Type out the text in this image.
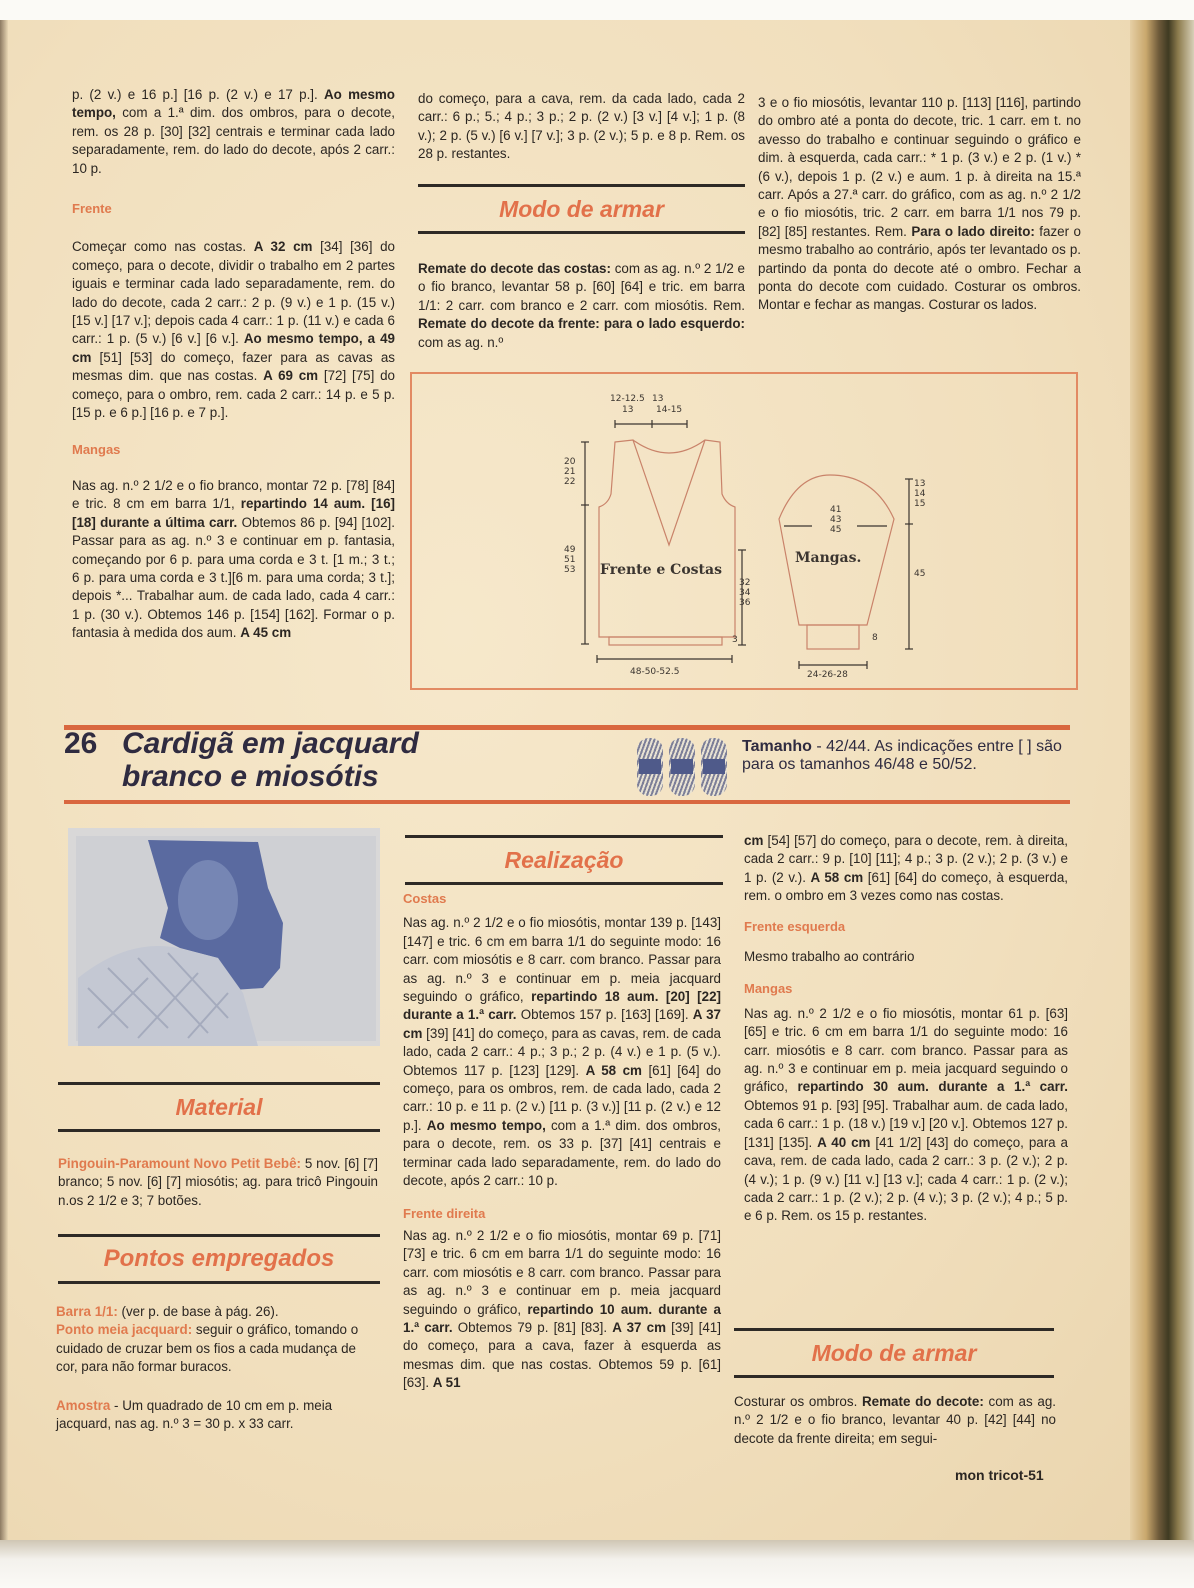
p. (2 v.) e 16 p.] [16 p. (2 v.) e 17 p.]. Ao mesmo tempo, com a 1.ª dim. dos ombros, para o decote, rem. os 28 p. [30] [32] centrais e terminar cada lado separadamente, rem. do lado do decote, após 2 carr.: 10 p.

Frente

Começar como nas costas. A 32 cm [34] [36] do começo, para o decote, dividir o trabalho em 2 partes iguais e terminar cada lado separadamente, rem. do lado do decote, cada 2 carr.: 2 p. (9 v.) e 1 p. (15 v.) [15 v.] [17 v.]; depois cada 4 carr.: 1 p. (11 v.) e cada 6 carr.: 1 p. (5 v.) [6 v.] [6 v.]. Ao mesmo tempo, a 49 cm [51] [53] do começo, fazer para as cavas as mesmas dim. que nas costas. A 69 cm [72] [75] do começo, para o ombro, rem. cada 2 carr.: 14 p. e 5 p. [15 p. e 6 p.] [16 p. e 7 p.].

Mangas

Nas ag. n.º 2 1/2 e o fio branco, montar 72 p. [78] [84] e tric. 8 cm em barra 1/1, repartindo 14 aum. [16] [18] durante a última carr. Obtemos 86 p. [94] [102]. Passar para as ag. n.º 3 e continuar em p. fantasia, começando por 6 p. para uma corda e 3 t. [1 m.; 3 t.; 6 p. para uma corda e 3 t.][6 m. para uma corda; 3 t.]; depois *... Trabalhar aum. de cada lado, cada 4 carr.: 1 p. (30 v.). Obtemos 146 p. [154] [162]. Formar o p. fantasia à medida dos aum. A 45 cm

do começo, para a cava, rem. da cada lado, cada 2 carr.: 6 p.; 5.; 4 p.; 3 p.; 2 p. (2 v.) [3 v.] [4 v.]; 1 p. (8 v.); 2 p. (5 v.) [6 v.] [7 v.]; 3 p. (2 v.); 5 p. e 8 p. Rem. os 28 p. restantes.

Modo de armar

Remate do decote das costas: com as ag. n.º 2 1/2 e o fio branco, levantar 58 p. [60] [64] e tric. em barra 1/1: 2 carr. com branco e 2 carr. com miosótis. Rem. Remate do decote da frente: para o lado esquerdo: com as ag. n.º

3 e o fio miosótis, levantar 110 p. [113] [116], partindo do ombro até a ponta do decote, tric. 1 carr. em t. no avesso do trabalho e continuar seguindo o gráfico e dim. à esquerda, cada carr.: * 1 p. (3 v.) e 2 p. (1 v.) * (6 v.), depois 1 p. (2 v.) e aum. 1 p. à direita na 15.ª carr. Após a 27.ª carr. do gráfico, com as ag. n.º 2 1/2 e o fio miosótis, tric. 2 carr. em barra 1/1 nos 79 p. [82] [85] restantes. Rem. Para o lado direito: fazer o mesmo trabalho ao contrário, após ter levantado os p. partindo da ponta do decote até o ombro. Fechar a ponta do decote com cuidado. Costurar os ombros. Montar e fechar as mangas. Costurar os lados.

12-12.5 13
13	14-15
20
21
22
49
51
53 Frente e Costas
32
34
36
3
48-50-52.5
41
43
45
Mangas.
13
14
15
45
8
24-26-28
26 Cardigã em jacquard
branco e miosótis
Tamanho - 42/44. As indicações entre [ ] são para os tamanhos 46/48 e 50/52.
Material

Pingouin-Paramount Novo Petit Bebê: 5 nov. [6] [7] branco; 5 nov. [6] [7] miosótis; ag. para tricô Pingouin n.os 2 1/2 e 3; 7 botões.

Pontos empregados

Barra 1/1: (ver p. de base à pág. 26).

Ponto meia jacquard: seguir o gráfico, tomando o cuidado de cruzar bem os fios a cada mudança de cor, para não formar buracos.

Amostra - Um quadrado de 10 cm em p. meia jacquard, nas ag. n.º 3 = 30 p. x 33 carr.

Realização

Costas

Nas ag. n.º 2 1/2 e o fio miosótis, montar 139 p. [143] [147] e tric. 6 cm em barra 1/1 do seguinte modo: 16 carr. com miosótis e 8 carr. com branco. Passar para as ag. n.º 3 e continuar em p. meia jacquard seguindo o gráfico, repartindo 18 aum. [20] [22] durante a 1.ª carr. Obtemos 157 p. [163] [169]. A 37 cm [39] [41] do começo, para as cavas, rem. de cada lado, cada 2 carr.: 4 p.; 3 p.; 2 p. (4 v.) e 1 p. (5 v.). Obtemos 117 p. [123] [129]. A 58 cm [61] [64] do começo, para os ombros, rem. de cada lado, cada 2 carr.: 10 p. e 11 p. (2 v.) [11 p. (3 v.)] [11 p. (2 v.) e 12 p.]. Ao mesmo tempo, com a 1.ª dim. dos ombros, para o decote, rem. os 33 p. [37] [41] centrais e terminar cada lado separadamente, rem. do lado do decote, após 2 carr.: 10 p.

Frente direita

Nas ag. n.º 2 1/2 e o fio miosótis, montar 69 p. [71] [73] e tric. 6 cm em barra 1/1 do seguinte modo: 16 carr. com miosótis e 8 carr. com branco. Passar para as ag. n.º 3 e continuar em p. meia jacquard seguindo o gráfico, repartindo 10 aum. durante a 1.ª carr. Obtemos 79 p. [81] [83]. A 37 cm [39] [41] do começo, para a cava, fazer à esquerda as mesmas dim. que nas costas. Obtemos 59 p. [61] [63]. A 51

cm [54] [57] do começo, para o decote, rem. à direita, cada 2 carr.: 9 p. [10] [11]; 4 p.; 3 p. (2 v.); 2 p. (3 v.) e 1 p. (2 v.). A 58 cm [61] [64] do começo, à esquerda, rem. o ombro em 3 vezes como nas costas.

Frente esquerda

Mesmo trabalho ao contrário

Mangas

Nas ag. n.º 2 1/2 e o fio miosótis, montar 61 p. [63] [65] e tric. 6 cm em barra 1/1 do seguinte modo: 16 carr. miosótis e 8 carr. com branco. Passar para as ag. n.º 3 e continuar em p. meia jacquard seguindo o gráfico, repartindo 30 aum. durante a 1.ª carr. Obtemos 91 p. [93] [95]. Trabalhar aum. de cada lado, cada 6 carr.: 1 p. (18 v.) [19 v.] [20 v.]. Obtemos 127 p. [131] [135]. A 40 cm [41 1/2] [43] do começo, para a cava, rem. de cada lado, cada 2 carr.: 3 p. (2 v.); 2 p. (4 v.); 1 p. (9 v.) [11 v.] [13 v.]; cada 4 carr.: 1 p. (2 v.); cada 2 carr.: 1 p. (2 v.); 2 p. (4 v.); 3 p. (2 v.); 4 p.; 5 p. e 6 p. Rem. os 15 p. restantes.

Modo de armar

Costurar os ombros. Remate do decote: com as ag. n.º 2 1/2 e o fio branco, levantar 40 p. [42] [44] no decote da frente direita; em segui-

mon tricot-51
